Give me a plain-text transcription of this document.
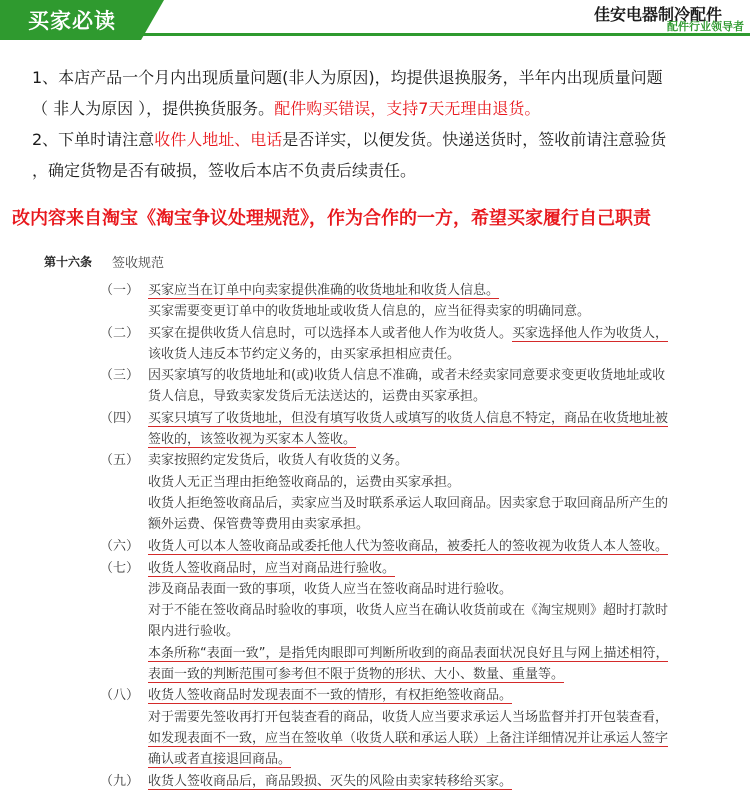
买家必读	佳安电器制冷配件
配件行业领导者

1、本店产品一个月内出现质量问题(非人为原因)，均提供退换服务，半年内出现质量问题
（ 非人为原因 ），提供换货服务。配件购买错误，支持7天无理由退货。

2、下单时请注意收件人地址、电话是否详实，以便发货。快递送货时，签收前请注意验货
，确定货物是否有破损，签收后本店不负责后续责任。

改内容来自淘宝《淘宝争议处理规范》，作为合作的一方，希望买家履行自己职责
第十六条 签收规范
（一） 买家应当在订单中向卖家提供准确的收货地址和收货人信息。
买家需要变更订单中的收货地址或收货人信息的，应当征得卖家的明确同意。
（二） 买家在提供收货人信息时，可以选择本人或者他人作为收货人。买家选择他人作为收货人，
该收货人违反本节约定义务的，由买家承担相应责任。
（三） 因买家填写的收货地址和(或)收货人信息不准确，或者未经卖家同意要求变更收货地址或收
货人信息，导致卖家发货后无法送达的，运费由买家承担。
（四） 买家只填写了收货地址，但没有填写收货人或填写的收货人信息不特定，商品在收货地址被
签收的，该签收视为买家本人签收。
（五） 卖家按照约定发货后，收货人有收货的义务。
收货人无正当理由拒绝签收商品的，运费由买家承担。
收货人拒绝签收商品后，卖家应当及时联系承运人取回商品。因卖家怠于取回商品所产生的
额外运费、保管费等费用由卖家承担。
（六） 收货人可以本人签收商品或委托他人代为签收商品，被委托人的签收视为收货人本人签收。
（七） 收货人签收商品时，应当对商品进行验收。
涉及商品表面一致的事项，收货人应当在签收商品时进行验收。
对于不能在签收商品时验收的事项，收货人应当在确认收货前或在《淘宝规则》超时打款时
限内进行验收。
本条所称“表面一致”，是指凭肉眼即可判断所收到的商品表面状况良好且与网上描述相符，
表面一致的判断范围可参考但不限于货物的形状、大小、数量、重量等。
（八） 收货人签收商品时发现表面不一致的情形，有权拒绝签收商品。
对于需要先签收再打开包装查看的商品，收货人应当要求承运人当场监督并打开包装查看，
如发现表面不一致，应当在签收单（收货人联和承运人联）上备注详细情况并让承运人签字
确认或者直接退回商品。
（九） 收货人签收商品后，商品毁损、灭失的风险由卖家转移给买家。
